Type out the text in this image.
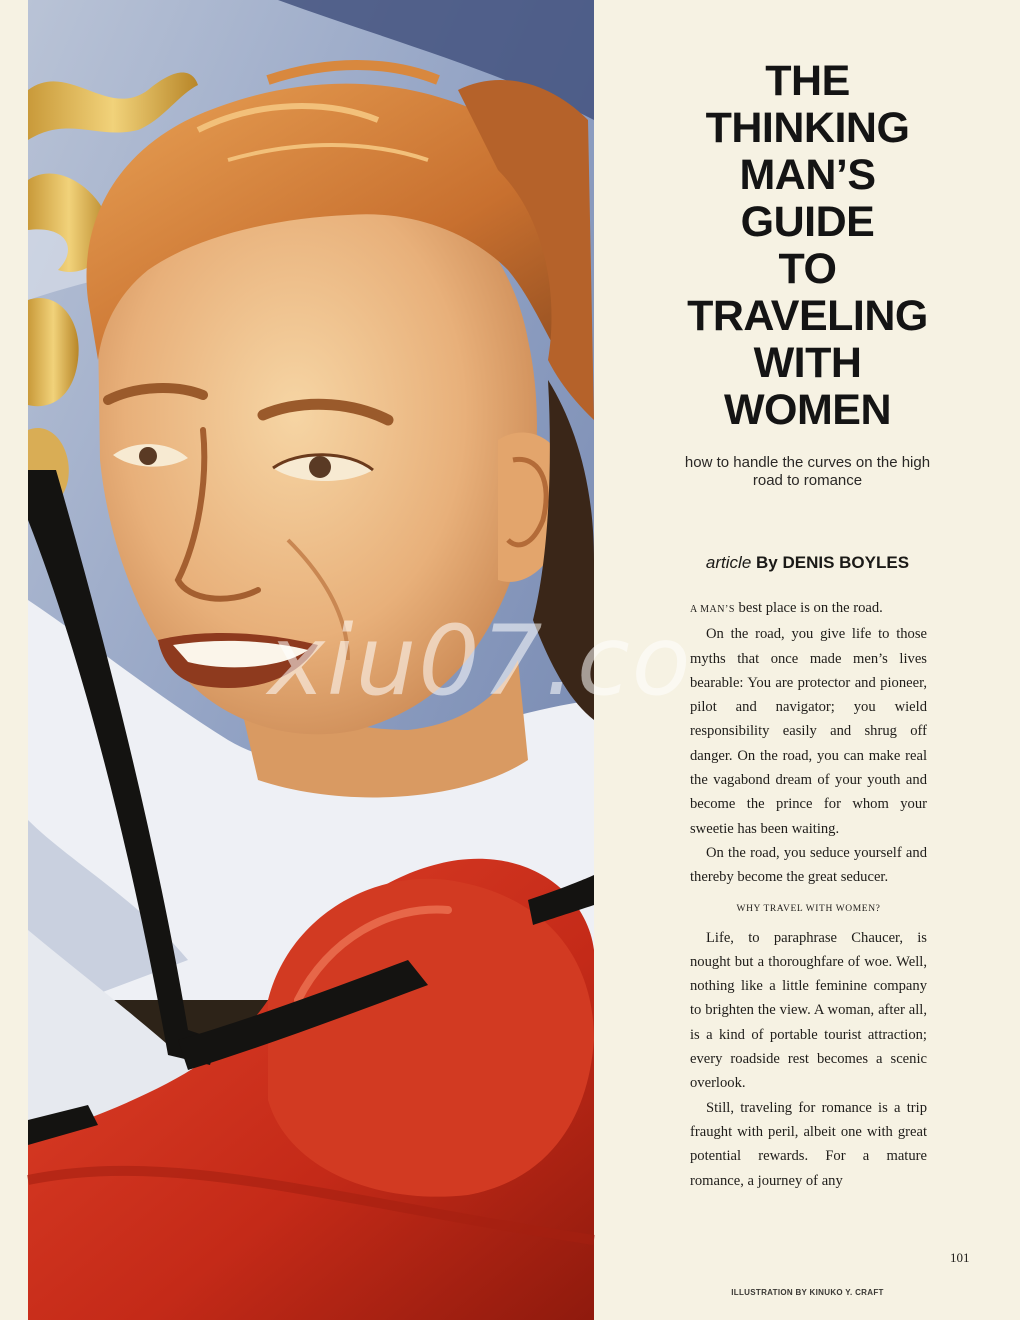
xiu07.co
THE
THINKING
MAN’S
GUIDE
TO
TRAVELING
WITH
WOMEN
how to handle the curves on the high road to romance
article By DENIS BOYLES

A MAN’S best place is on the road.

On the road, you give life to those myths that once made men’s lives bearable: You are protector and pioneer, pilot and navigator; you wield responsibility easily and shrug off danger. On the road, you can make real the vagabond dream of your youth and become the prince for whom your sweetie has been waiting.

On the road, you seduce yourself and thereby become the great seducer.

WHY TRAVEL WITH WOMEN?

Life, to paraphrase Chaucer, is nought but a thoroughfare of woe. Well, nothing like a little feminine company to brighten the view. A woman, after all, is a kind of portable tourist attraction; every roadside rest becomes a scenic overlook.

Still, traveling for romance is a trip fraught with peril, albeit one with great potential rewards. For a mature romance, a journey of any

101
ILLUSTRATION BY KINUKO Y. CRAFT
